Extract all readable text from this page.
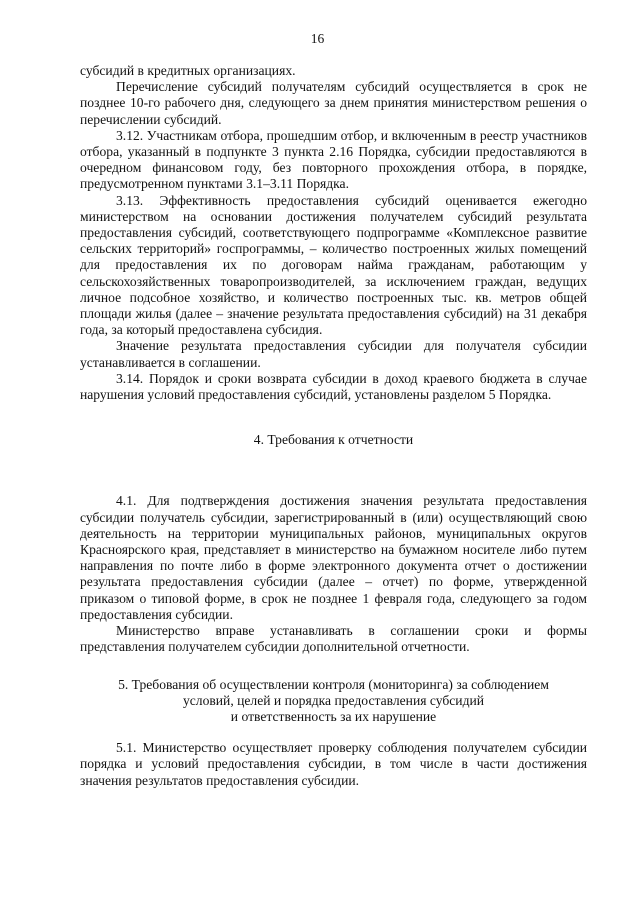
16

субсидий в кредитных организациях.

Перечисление субсидий получателям субсидий осуществляется в срок не позднее 10-го рабочего дня, следующего за днем принятия министерством решения о перечислении субсидий.

3.12. Участникам отбора, прошедшим отбор, и включенным в реестр участников отбора, указанный в подпункте 3 пункта 2.16 Порядка, субсидии предоставляются в очередном финансовом году, без повторного прохождения отбора, в порядке, предусмотренном пунктами 3.1–3.11 Порядка.

3.13. Эффективность предоставления субсидий оценивается ежегодно министерством на основании достижения получателем субсидий результата предоставления субсидий, соответствующего подпрограмме «Комплексное развитие сельских территорий» госпрограммы, – количество построенных жилых помещений для предоставления их по договорам найма гражданам, работающим у сельскохозяйственных товаропроизводителей, за исключением граждан, ведущих личное подсобное хозяйство, и количество построенных тыс. кв. метров общей площади жилья (далее – значение результата предоставления субсидий) на 31 декабря года, за который предоставлена субсидия.

Значение результата предоставления субсидии для получателя субсидии устанавливается в соглашении.

3.14. Порядок и сроки возврата субсидии в доход краевого бюджета в случае нарушения условий предоставления субсидий, установлены разделом 5 Порядка.

4. Требования к отчетности

4.1. Для подтверждения достижения значения результата предоставления субсидии получатель субсидии, зарегистрированный в (или) осуществляющий свою деятельность на территории муниципальных районов, муниципальных округов Красноярского края, представляет в министерство на бумажном носителе либо путем направления по почте либо в форме электронного документа отчет о достижении результата предоставления субсидии (далее – отчет) по форме, утвержденной приказом о типовой форме, в срок не позднее 1 февраля года, следующего за годом предоставления субсидии.

Министерство вправе устанавливать в соглашении сроки и формы представления получателем субсидии дополнительной отчетности.

5. Требования об осуществлении контроля (мониторинга) за соблюдением

условий, целей и порядка предоставления субсидий

и ответственность за их нарушение

5.1. Министерство осуществляет проверку соблюдения получателем субсидии порядка и условий предоставления субсидии, в том числе в части достижения значения результатов предоставления субсидии.
